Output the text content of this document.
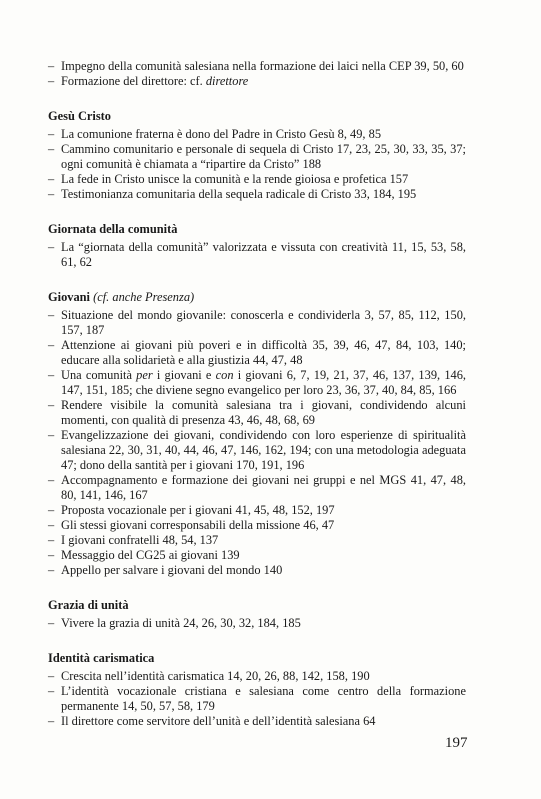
– Impegno della comunità salesiana nella formazione dei laici nella CEP 39, 50, 60
– Formazione del direttore: cf. direttore
Gesù Cristo
– La comunione fraterna è dono del Padre in Cristo Gesù 8, 49, 85
– Cammino comunitario e personale di sequela di Cristo 17, 23, 25, 30, 33, 35, 37; ogni comunità è chiamata a “ripartire da Cristo” 188
– La fede in Cristo unisce la comunità e la rende gioiosa e profetica 157
– Testimonianza comunitaria della sequela radicale di Cristo 33, 184, 195
Giornata della comunità
– La “giornata della comunità” valorizzata e vissuta con creatività 11, 15, 53, 58, 61, 62
Giovani (cf. anche Presenza)
– Situazione del mondo giovanile: conoscerla e condividerla 3, 57, 85, 112, 150, 157, 187
– Attenzione ai giovani più poveri e in difficoltà 35, 39, 46, 47, 84, 103, 140; educare alla solidarietà e alla giustizia 44, 47, 48
– Una comunità per i giovani e con i giovani 6, 7, 19, 21, 37, 46, 137, 139, 146, 147, 151, 185; che diviene segno evangelico per loro 23, 36, 37, 40, 84, 85, 166
– Rendere visibile la comunità salesiana tra i giovani, condividendo alcuni momenti, con qualità di presenza 43, 46, 48, 68, 69
– Evangelizzazione dei giovani, condividendo con loro esperienze di spiritualità salesiana 22, 30, 31, 40, 44, 46, 47, 146, 162, 194; con una metodologia adeguata 47; dono della santità per i giovani 170, 191, 196
– Accompagnamento e formazione dei giovani nei gruppi e nel MGS 41, 47, 48, 80, 141, 146, 167
– Proposta vocazionale per i giovani 41, 45, 48, 152, 197
– Gli stessi giovani corresponsabili della missione 46, 47
– I giovani confratelli 48, 54, 137
– Messaggio del CG25 ai giovani 139
– Appello per salvare i giovani del mondo 140
Grazia di unità
– Vivere la grazia di unità 24, 26, 30, 32, 184, 185
Identità carismatica
– Crescita nell’identità carismatica 14, 20, 26, 88, 142, 158, 190
– L’identità vocazionale cristiana e salesiana come centro della formazione permanente 14, 50, 57, 58, 179
– Il direttore come servitore dell’unità e dell’identità salesiana 64
197
